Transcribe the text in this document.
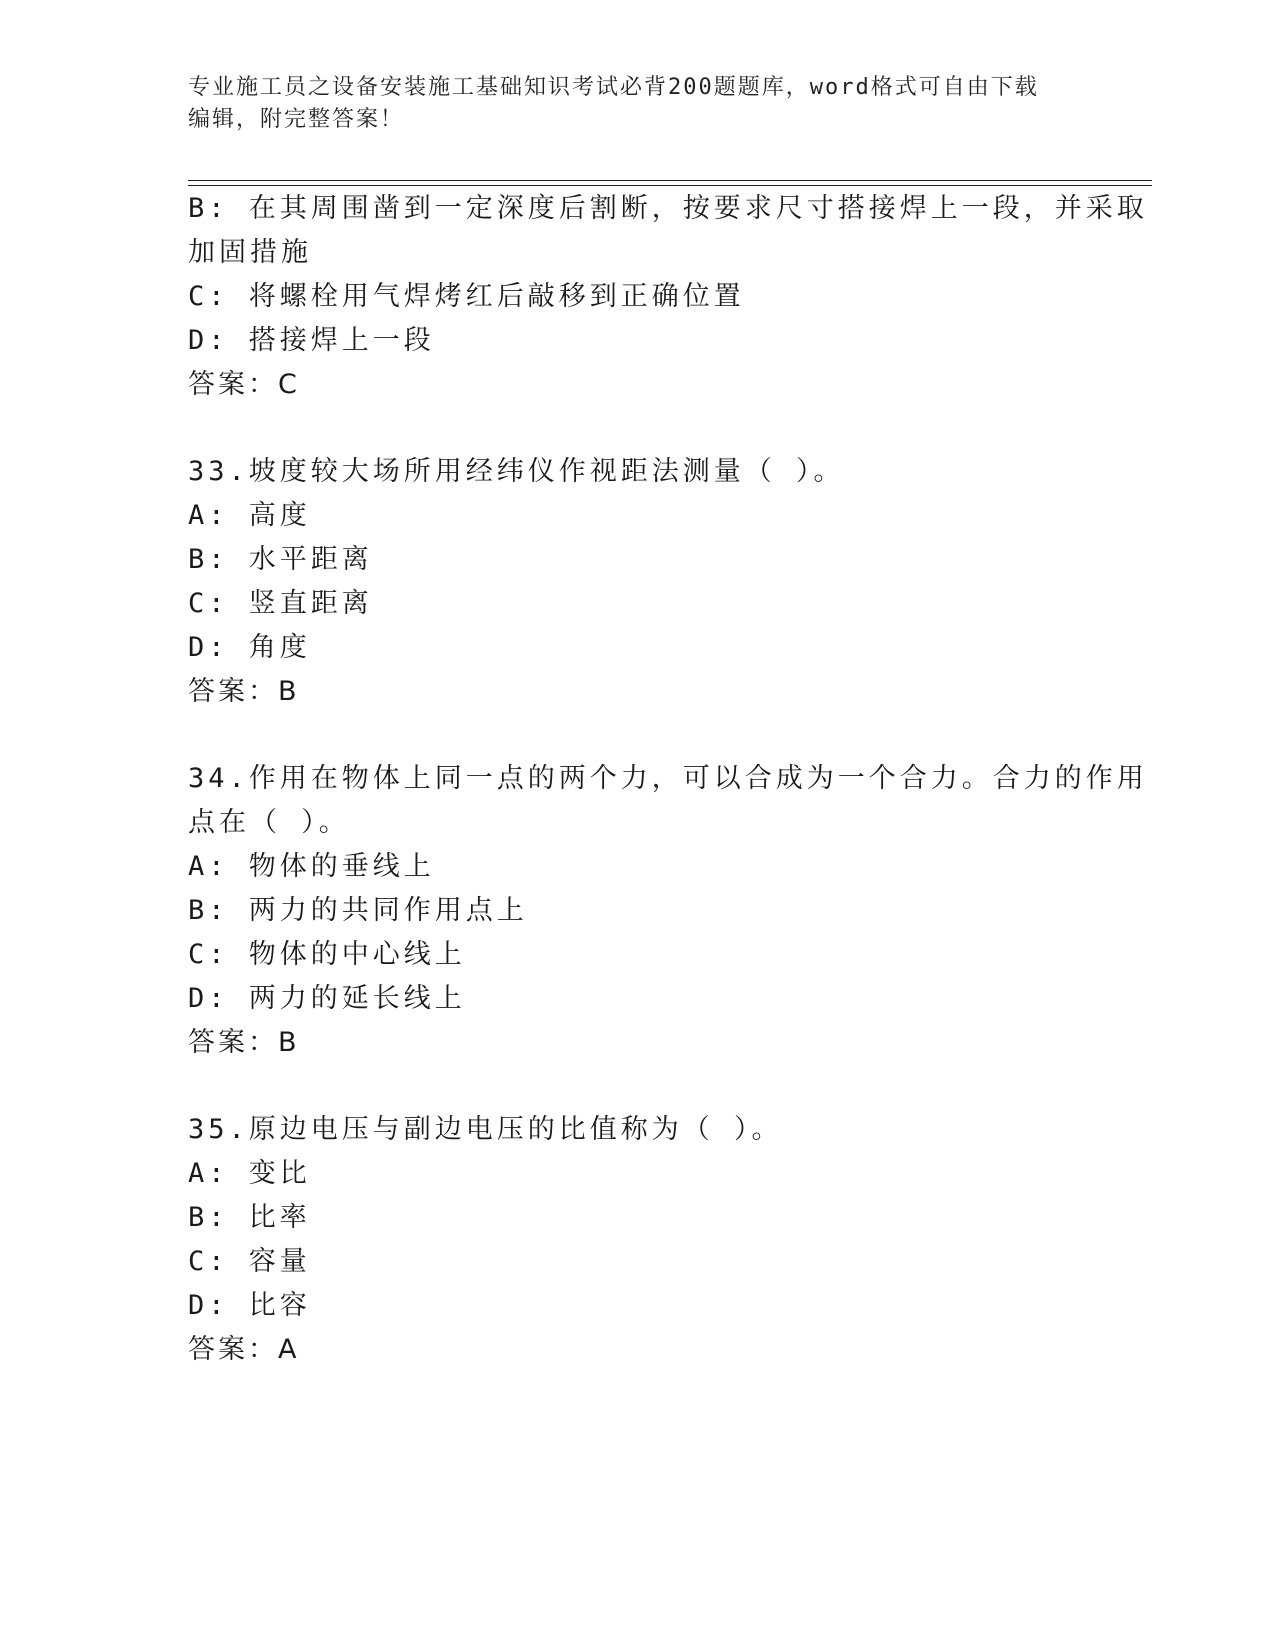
专业施工员之设备安装施工基础知识考试必背200题题库，word格式可自由下载
编辑，附完整答案！
B: 在其周围凿到一定深度后割断，按要求尺寸搭接焊上一段，并采取
加固措施
C: 将螺栓用气焊烤红后敲移到正确位置
D: 搭接焊上一段
答案：C
33.坡度较大场所用经纬仪作视距法测量（ ）。
A: 高度
B: 水平距离
C: 竖直距离
D: 角度
答案：B
34.作用在物体上同一点的两个力，可以合成为一个合力。合力的作用
点在（ ）。
A: 物体的垂线上
B: 两力的共同作用点上
C: 物体的中心线上
D: 两力的延长线上
答案：B
35.原边电压与副边电压的比值称为（ ）。
A: 变比
B: 比率
C: 容量
D: 比容
答案：A
